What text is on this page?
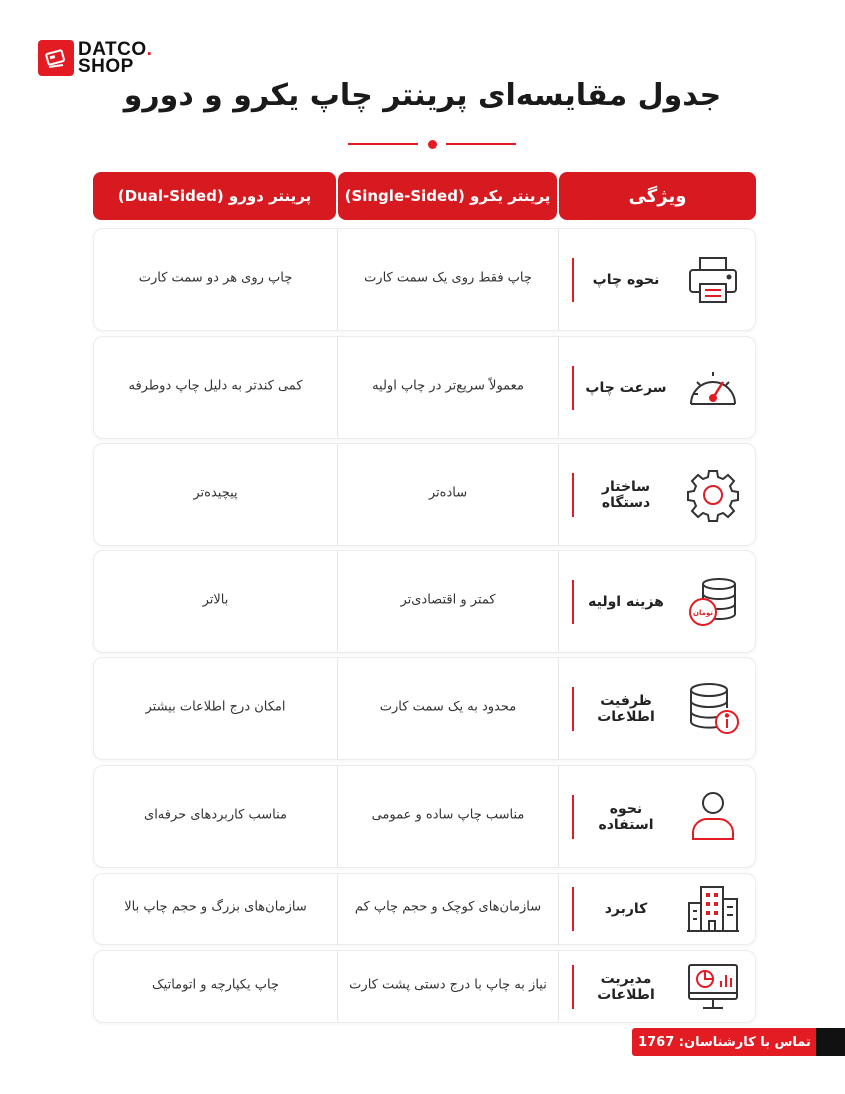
DATCO.
SHOP
جدول مقایسه‌ای پرینتر چاپ یکرو و دورو
ویژگی
پرینتر یکرو (Single-Sided)
پرینتر دورو (Dual-Sided)
نحوه چاپ
چاپ فقط روی یک سمت کارت
چاپ روی هر دو سمت کارت
سرعت چاپ
معمولاً سریع‌تر در چاپ اولیه
کمی کندتر به دلیل چاپ دوطرفه
ساختار دستگاه
ساده‌تر
پیچیده‌تر
تومان
هزینه اولیه
کمتر و اقتصادی‌تر
بالاتر
ظرفیت اطلاعات
محدود به یک سمت کارت
امکان درج اطلاعات بیشتر
نحوه استفاده
مناسب چاپ ساده و عمومی
مناسب کاربردهای حرفه‌ای
کاربرد
سازمان‌های کوچک و حجم چاپ کم
سازمان‌های بزرگ و حجم چاپ بالا
مدیریت اطلاعات
نیاز به چاپ با درج دستی پشت کارت
چاپ یکپارچه و اتوماتیک
تماس با کارشناسان: 1767
